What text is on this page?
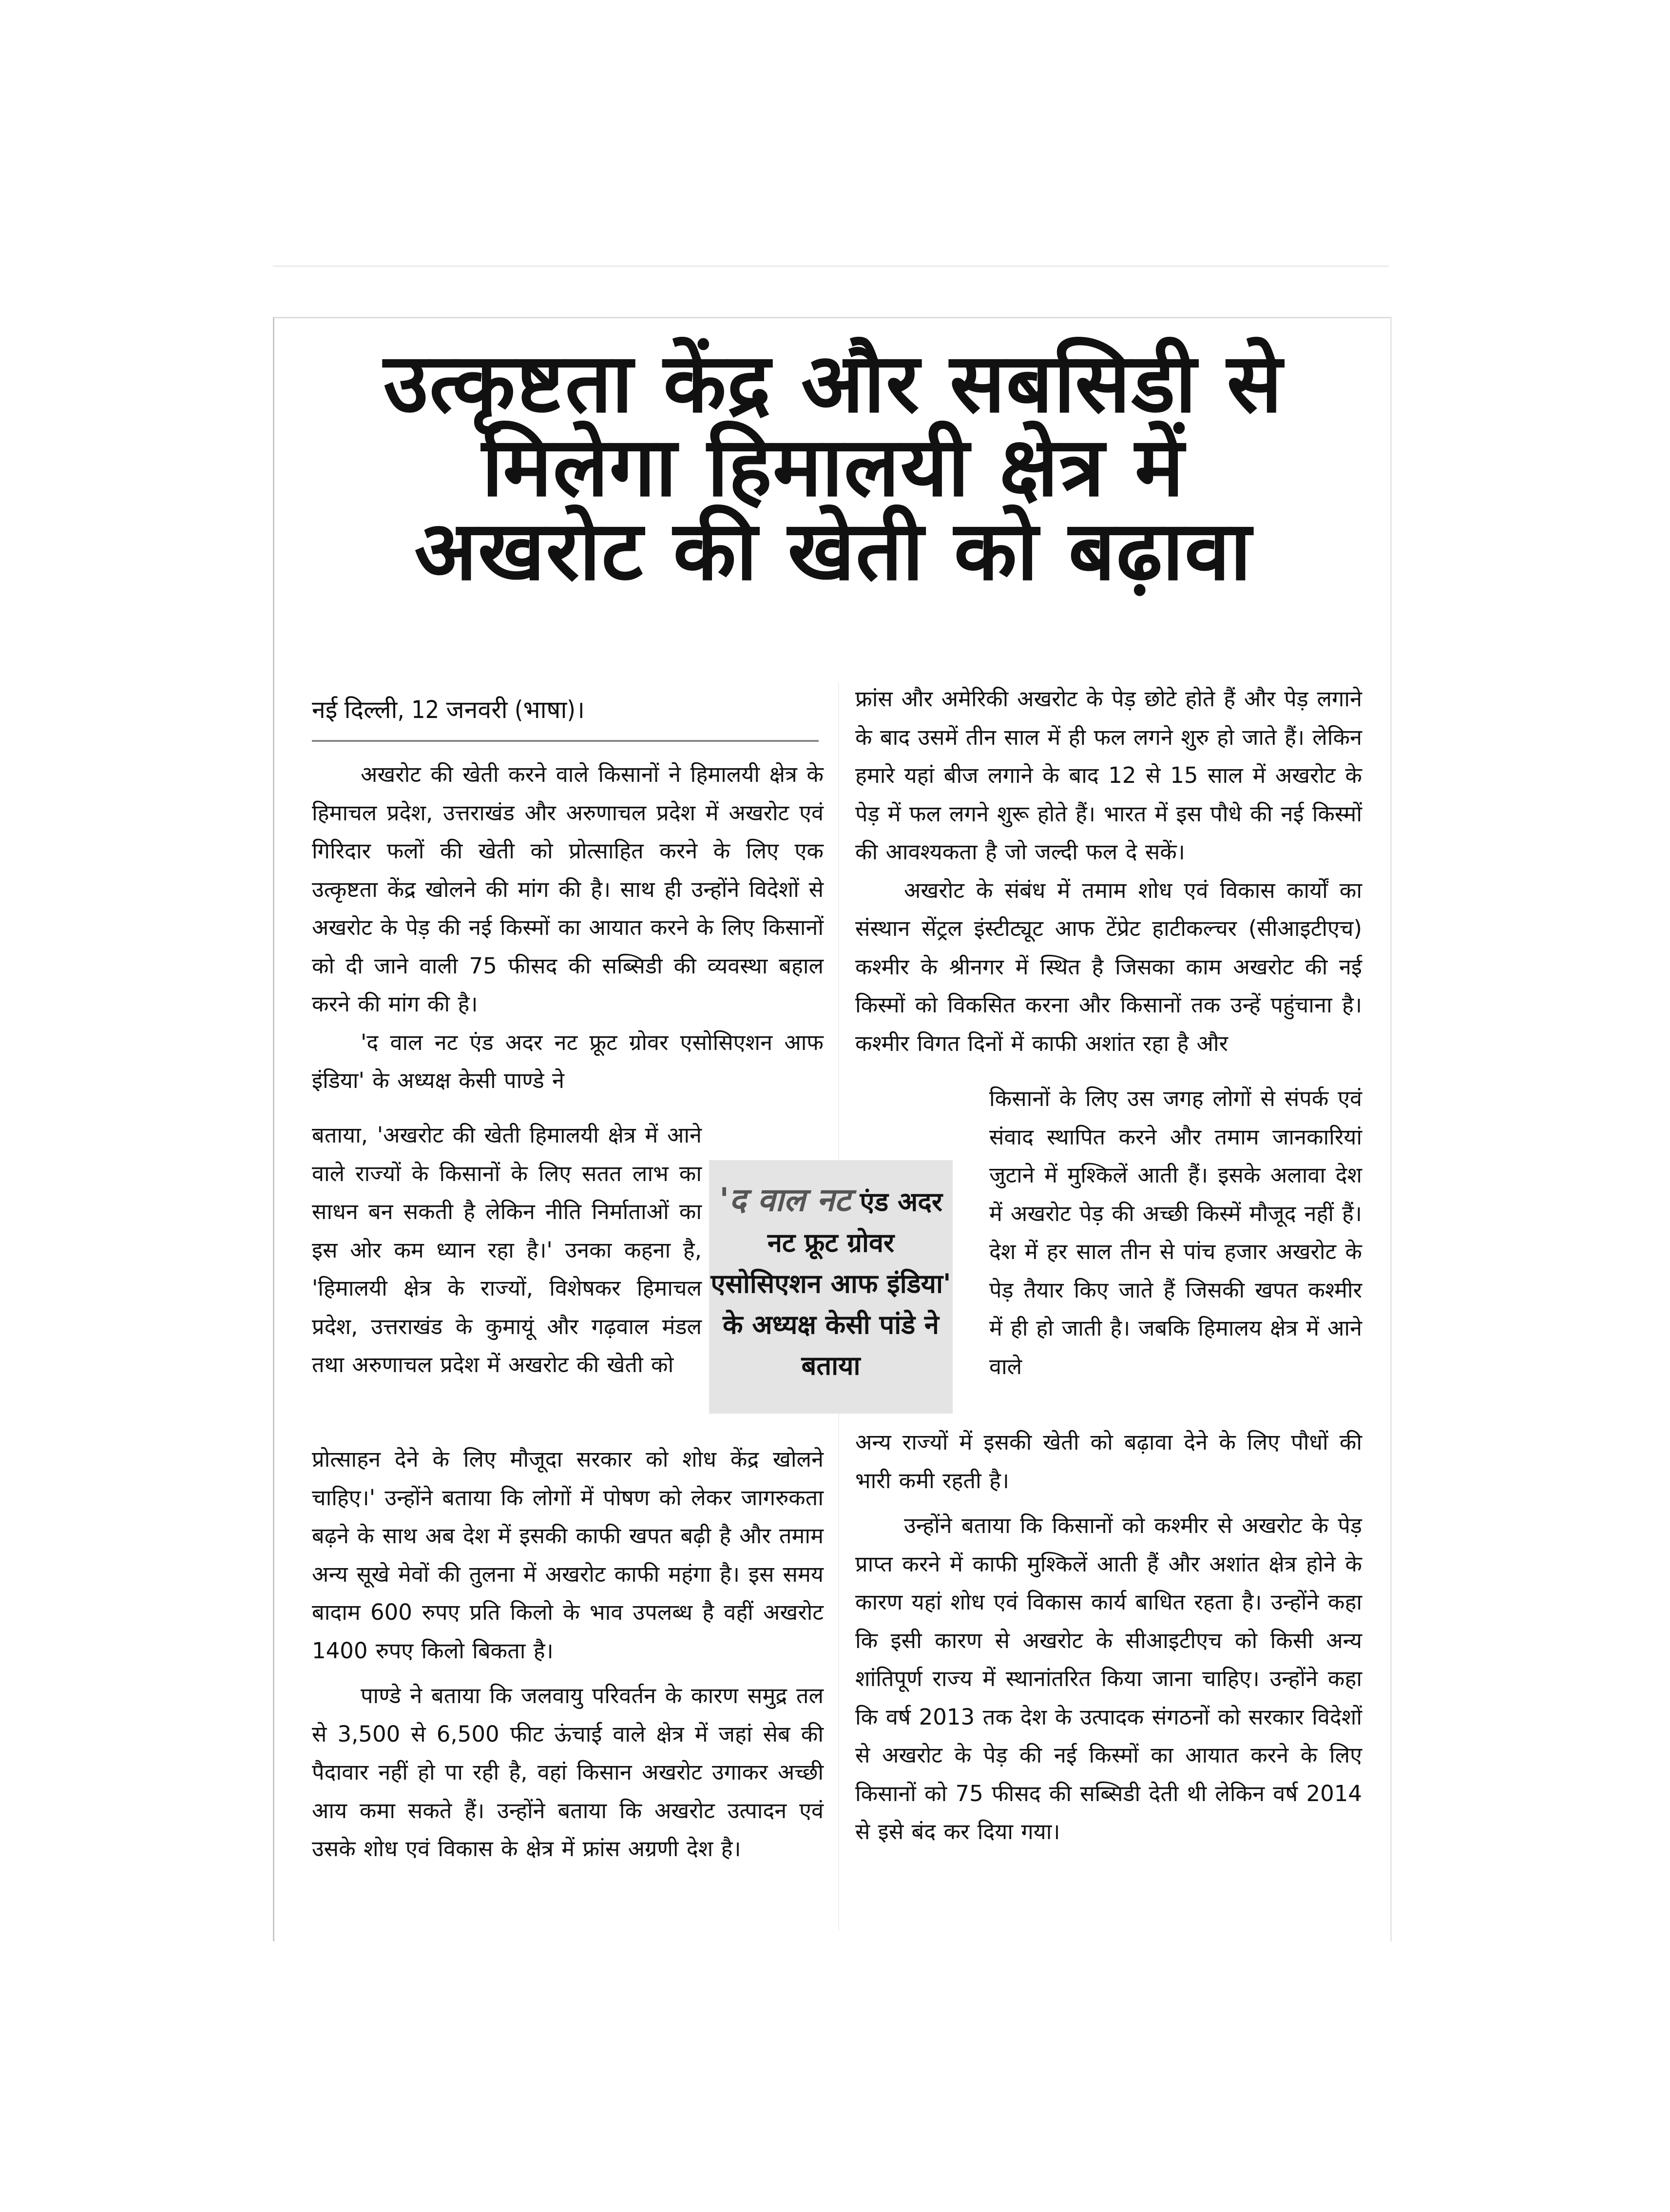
उत्कृष्टता केंद्र और सबसिडी से
मिलेगा हिमालयी क्षेत्र में
अखरोट की खेती को बढ़ावा
नई दिल्ली, 12 जनवरी (भाषा)।

अखरोट की खेती करने वाले किसानों ने हिमालयी क्षेत्र के हिमाचल प्रदेश, उत्तराखंड और अरुणाचल प्रदेश में अखरोट एवं गिरिदार फलों की खेती को प्रोत्साहित करने के लिए एक उत्कृष्टता केंद्र खोलने की मांग की है। साथ ही उन्होंने विदेशों से अखरोट के पेड़ की नई किस्मों का आयात करने के लिए किसानों को दी जाने वाली 75 फीसद की सब्सिडी की व्यवस्था बहाल करने की मांग की है।

'द वाल नट एंड अदर नट फ्रूट ग्रोवर एसोसिएशन आफ इंडिया' के अध्यक्ष केसी पाण्डे ने

बताया, 'अखरोट की खेती हिमालयी क्षेत्र में आने वाले राज्यों के किसानों के लिए सतत लाभ का साधन बन सकती है लेकिन नीति निर्माताओं का इस ओर कम ध्यान रहा है।' उनका कहना है, 'हिमालयी क्षेत्र के राज्यों, विशेषकर हिमाचल प्रदेश, उत्तराखंड के कुमायूं और गढ़वाल मंडल तथा अरुणाचल प्रदेश में अखरोट की खेती को

प्रोत्साहन देने के लिए मौजूदा सरकार को शोध केंद्र खोलने चाहिए।' उन्होंने बताया कि लोगों में पोषण को लेकर जागरुकता बढ़ने के साथ अब देश में इसकी काफी खपत बढ़ी है और तमाम अन्य सूखे मेवों की तुलना में अखरोट काफी महंगा है। इस समय बादाम 600 रुपए प्रति किलो के भाव उपलब्ध है वहीं अखरोट 1400 रुपए किलो बिकता है।

पाण्डे ने बताया कि जलवायु परिवर्तन के कारण समुद्र तल से 3,500 से 6,500 फीट ऊंचाई वाले क्षेत्र में जहां सेब की पैदावार नहीं हो पा रही है, वहां किसान अखरोट उगाकर अच्छी आय कमा सकते हैं। उन्होंने बताया कि अखरोट उत्पादन एवं उसके शोध एवं विकास के क्षेत्र में फ्रांस अग्रणी देश है।

'द वाल नट एंड अदर नट फ्रूट ग्रोवर एसोसिएशन आफ इंडिया' के अध्यक्ष केसी पांडे ने बताया

फ्रांस और अमेरिकी अखरोट के पेड़ छोटे होते हैं और पेड़ लगाने के बाद उसमें तीन साल में ही फल लगने शुरु हो जाते हैं। लेकिन हमारे यहां बीज लगाने के बाद 12 से 15 साल में अखरोट के पेड़ में फल लगने शुरू होते हैं। भारत में इस पौधे की नई किस्मों की आवश्यकता है जो जल्दी फल दे सकें।

अखरोट के संबंध में तमाम शोध एवं विकास कार्यों का संस्थान सेंट्रल इंस्टीट्यूट आफ टेंप्रेट हाटीकल्चर (सीआइटीएच) कश्मीर के श्रीनगर में स्थित है जिसका काम अखरोट की नई किस्मों को विकसित करना और किसानों तक उन्हें पहुंचाना है। कश्मीर विगत दिनों में काफी अशांत रहा है और

किसानों के लिए उस जगह लोगों से संपर्क एवं संवाद स्थापित करने और तमाम जानकारियां जुटाने में मुश्किलें आती हैं। इसके अलावा देश में अखरोट पेड़ की अच्छी किस्में मौजूद नहीं हैं। देश में हर साल तीन से पांच हजार अखरोट के पेड़ तैयार किए जाते हैं जिसकी खपत कश्मीर में ही हो जाती है। जबकि हिमालय क्षेत्र में आने वाले

अन्य राज्यों में इसकी खेती को बढ़ावा देने के लिए पौधों की भारी कमी रहती है।

उन्होंने बताया कि किसानों को कश्मीर से अखरोट के पेड़ प्राप्त करने में काफी मुश्किलें आती हैं और अशांत क्षेत्र होने के कारण यहां शोध एवं विकास कार्य बाधित रहता है। उन्होंने कहा कि इसी कारण से अखरोट के सीआइटीएच को किसी अन्य शांतिपूर्ण राज्य में स्थानांतरित किया जाना चाहिए। उन्होंने कहा कि वर्ष 2013 तक देश के उत्पादक संगठनों को सरकार विदेशों से अखरोट के पेड़ की नई किस्मों का आयात करने के लिए किसानों को 75 फीसद की सब्सिडी देती थी लेकिन वर्ष 2014 से इसे बंद कर दिया गया।
